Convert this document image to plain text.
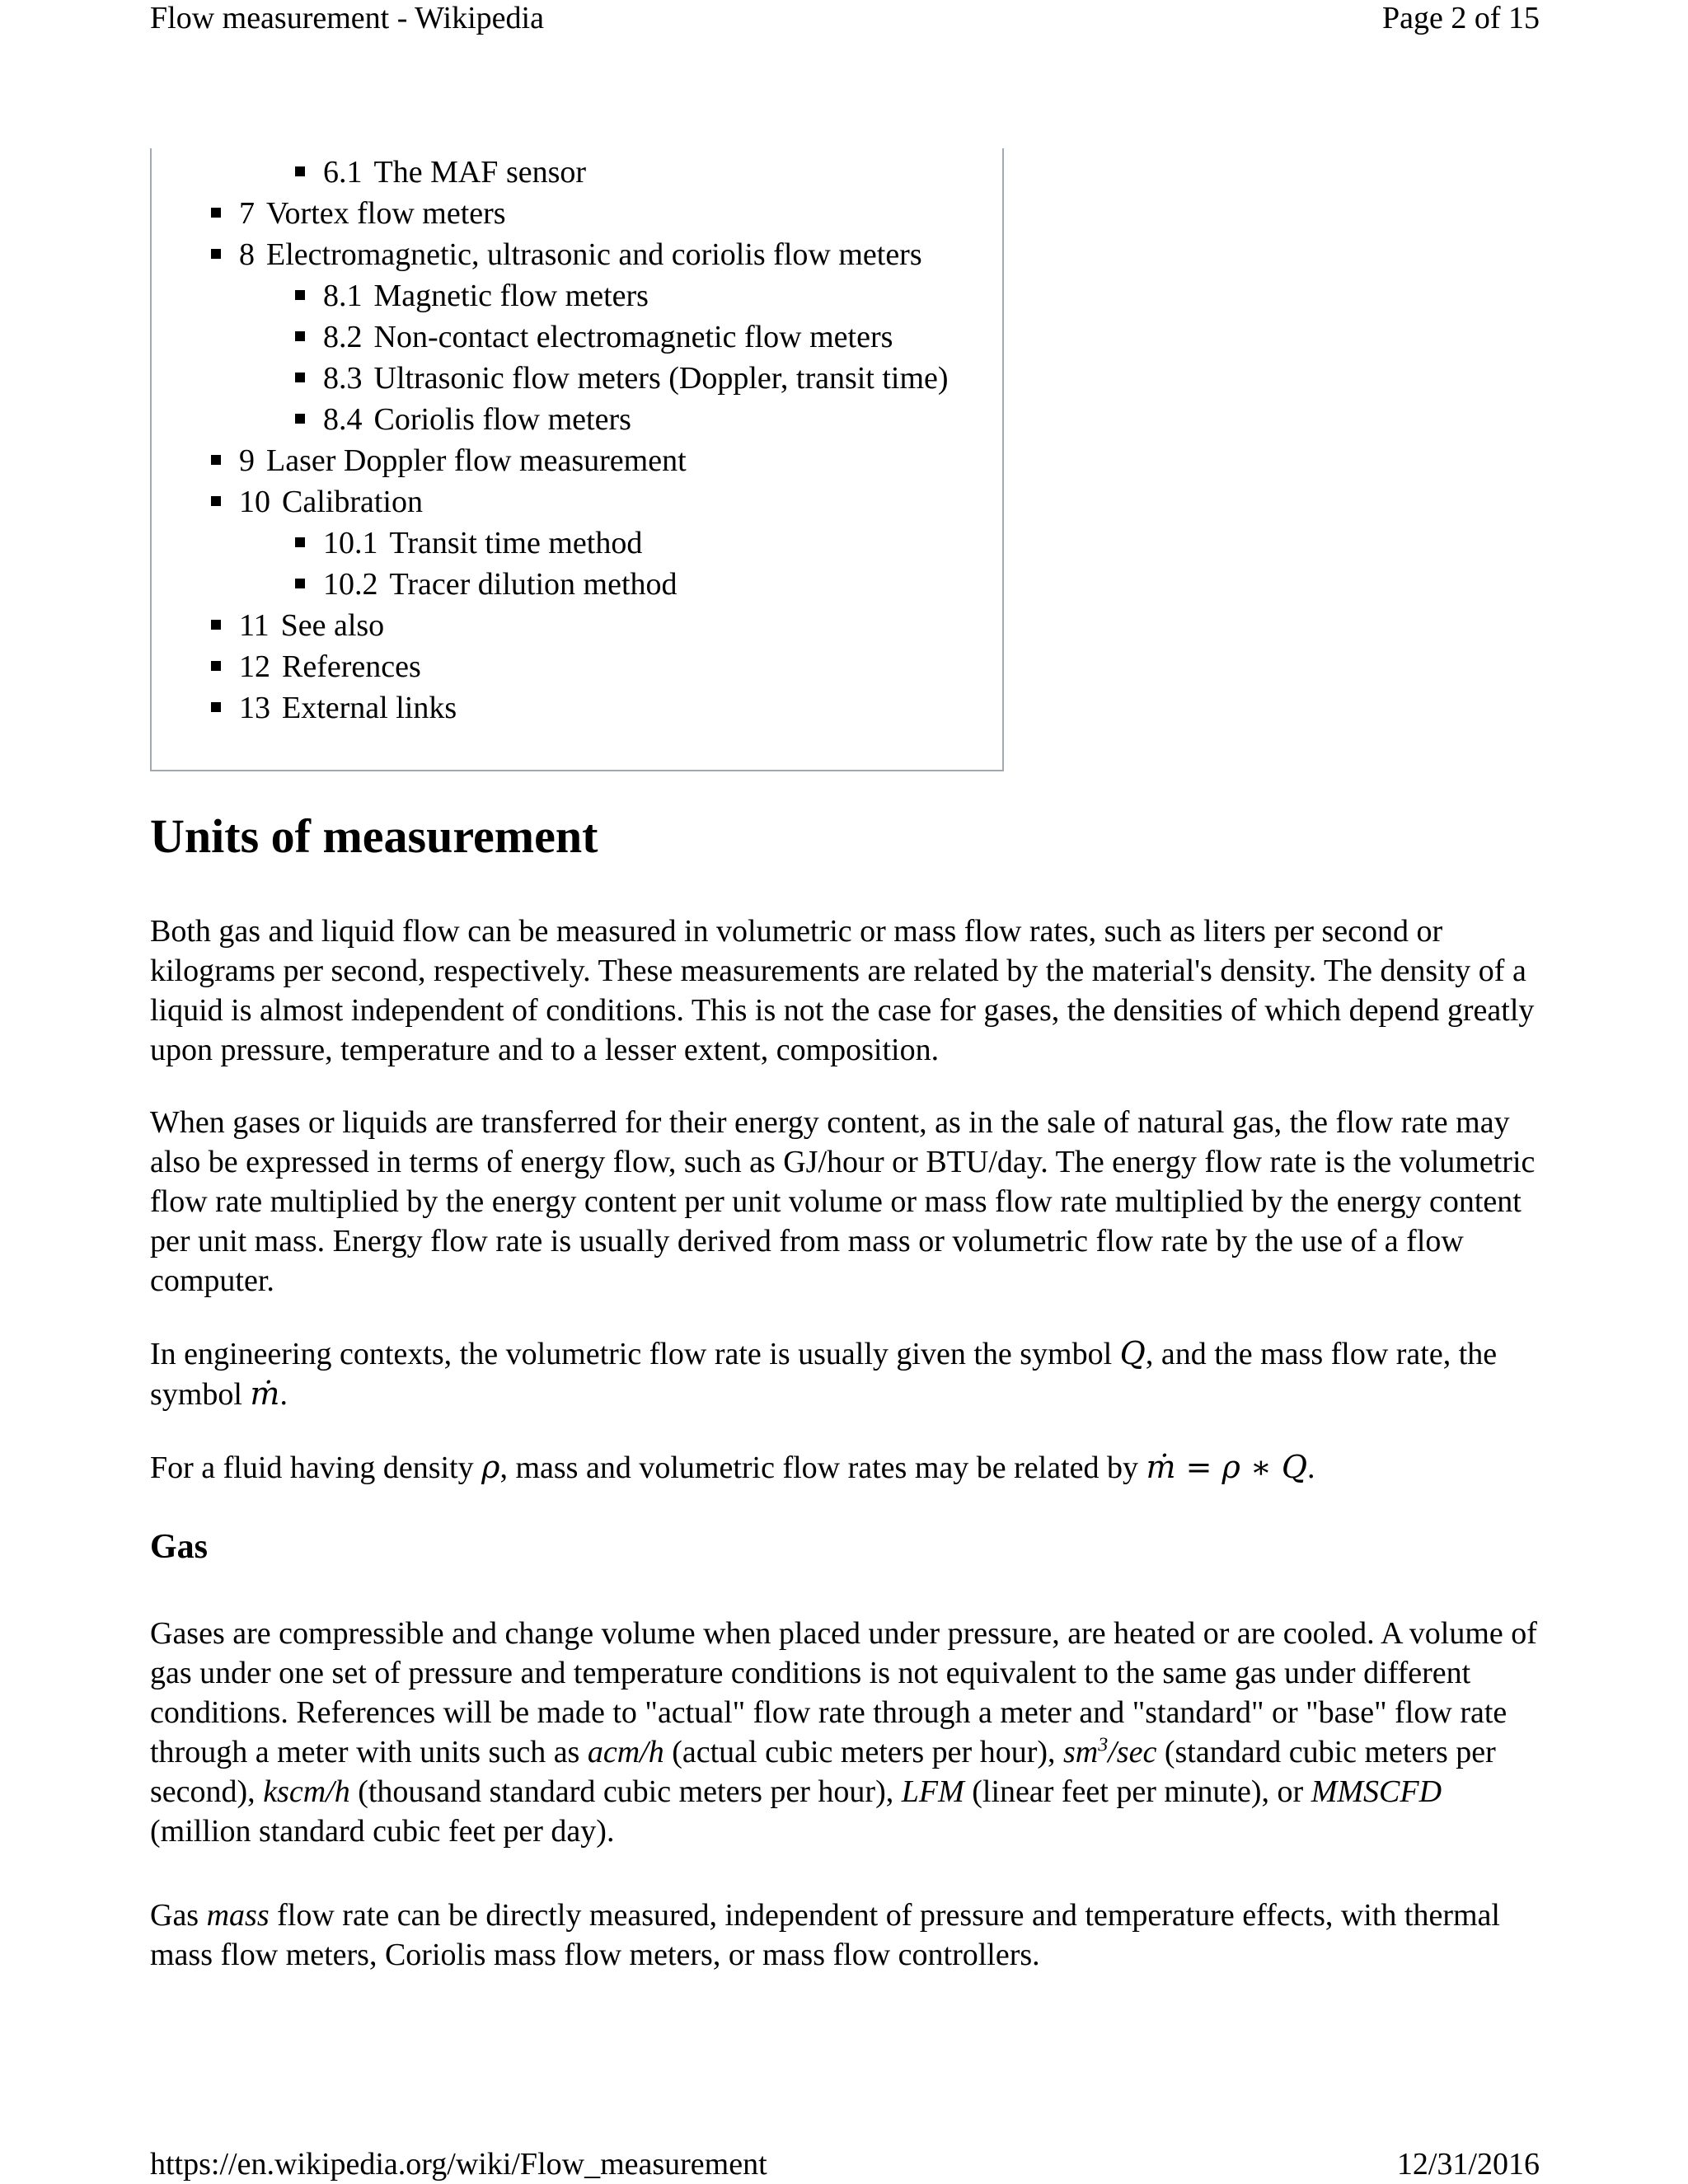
Flow measurement - Wikipedia	Page 2 of 15
6.1 The MAF sensor
7 Vortex flow meters
8 Electromagnetic, ultrasonic and coriolis flow meters
8.1 Magnetic flow meters
8.2 Non-contact electromagnetic flow meters
8.3 Ultrasonic flow meters (Doppler, transit time)
8.4 Coriolis flow meters
9 Laser Doppler flow measurement
10 Calibration
10.1 Transit time method
10.2 Tracer dilution method
11 See also
12 References
13 External links
Units of measurement

Both gas and liquid flow can be measured in volumetric or mass flow rates, such as liters per second or kilograms per second, respectively. These measurements are related by the material's density. The density of a liquid is almost independent of conditions. This is not the case for gases, the densities of which depend greatly upon pressure, temperature and to a lesser extent, composition.

When gases or liquids are transferred for their energy content, as in the sale of natural gas, the flow rate may also be expressed in terms of energy flow, such as GJ/hour or BTU/day. The energy flow rate is the volumetric flow rate multiplied by the energy content per unit volume or mass flow rate multiplied by the energy content per unit mass. Energy flow rate is usually derived from mass or volumetric flow rate by the use of a flow computer.

In engineering contexts, the volumetric flow rate is usually given the symbol Q, and the mass flow rate, the symbol ṁ.

For a fluid having density ρ, mass and volumetric flow rates may be related by ṁ = ρ ∗ Q.

Gas

Gases are compressible and change volume when placed under pressure, are heated or are cooled. A volume of gas under one set of pressure and temperature conditions is not equivalent to the same gas under different conditions. References will be made to "actual" flow rate through a meter and "standard" or "base" flow rate through a meter with units such as acm/h (actual cubic meters per hour), $sm^3/\sec$ (standard cubic meters per second), kscm/h (thousand standard cubic meters per hour), LFM (linear feet per minute), or MMSCFD (million standard cubic feet per day).

Gas mass flow rate can be directly measured, independent of pressure and temperature effects, with thermal mass flow meters, Coriolis mass flow meters, or mass flow controllers.

https://en.wikipedia.org/wiki/Flow_measurement	12/31/2016
